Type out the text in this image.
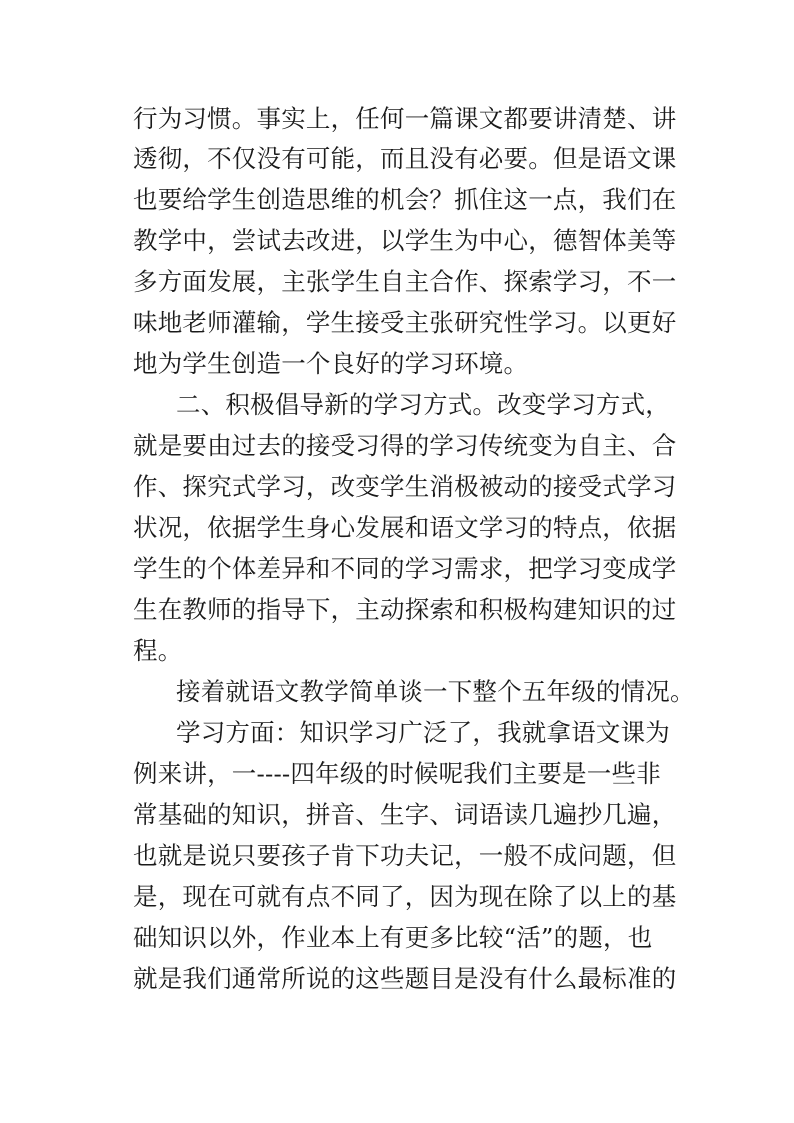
行为习惯。事实上，任何一篇课文都要讲清楚、讲
透彻，不仅没有可能，而且没有必要。但是语文课
也要给学生创造思维的机会？抓住这一点，我们在
教学中，尝试去改进，以学生为中心，德智体美等
多方面发展，主张学生自主合作、探索学习，不一
味地老师灌输，学生接受主张研究性学习。以更好
地为学生创造一个良好的学习环境。
二、积极倡导新的学习方式。改变学习方式，
就是要由过去的接受习得的学习传统变为自主、合
作、探究式学习，改变学生消极被动的接受式学习
状况，依据学生身心发展和语文学习的特点，依据
学生的个体差异和不同的学习需求，把学习变成学
生在教师的指导下，主动探索和积极构建知识的过
程。
接着就语文教学简单谈一下整个五年级的情况。
学习方面：知识学习广泛了，我就拿语文课为
例来讲，一----四年级的时候呢我们主要是一些非
常基础的知识，拼音、生字、词语读几遍抄几遍，
也就是说只要孩子肯下功夫记，一般不成问题，但
是，现在可就有点不同了，因为现在除了以上的基
础知识以外，作业本上有更多比较“活”的题，也
就是我们通常所说的这些题目是没有什么最标准的
